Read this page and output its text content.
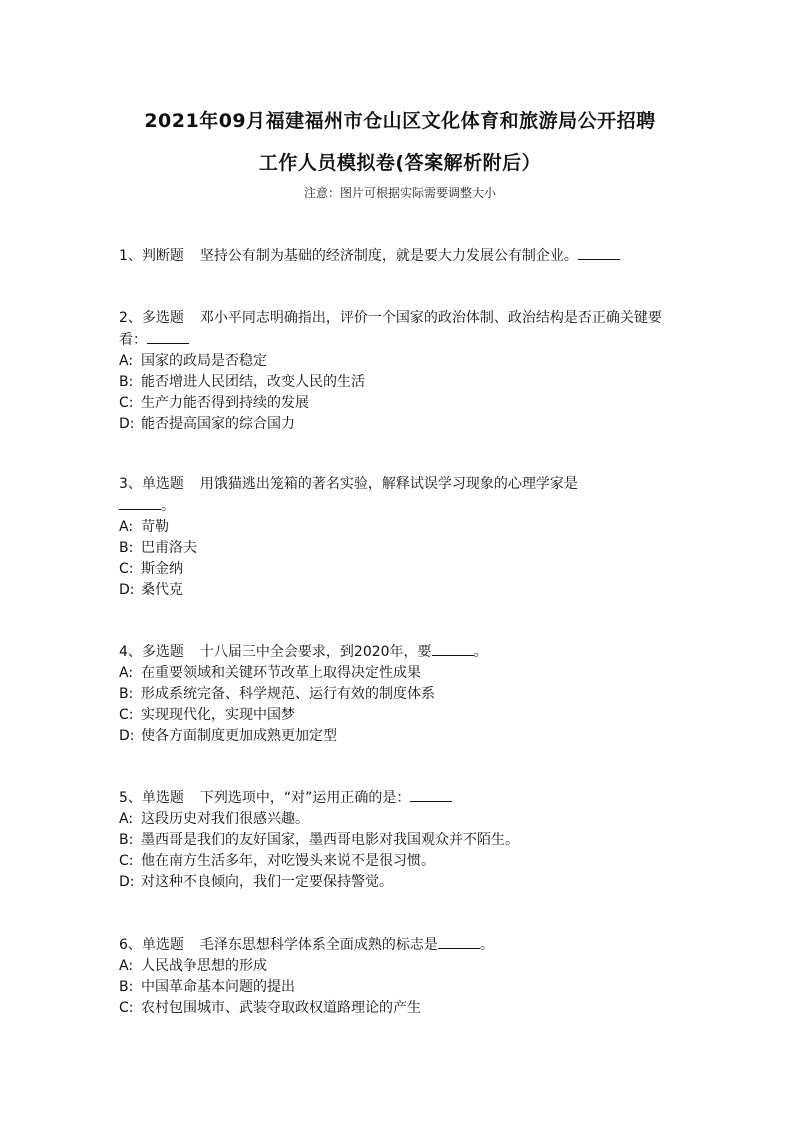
2021年09月福建福州市仓山区文化体育和旅游局公开招聘
工作人员模拟卷(答案解析附后）
注意：图片可根据实际需要调整大小

1、判断题 坚持公有制为基础的经济制度，就是要大力发展公有制企业。

2、多选题 邓小平同志明确指出，评价一个国家的政治体制、政治结构是否正确关键要看：

A: 国家的政局是否稳定

B: 能否增进人民团结，改变人民的生活

C: 生产力能否得到持续的发展

D: 能否提高国家的综合国力

3、单选题 用饿猫逃出笼箱的著名实验，解释试误学习现象的心理学家是
。

A: 苛勒

B: 巴甫洛夫

C: 斯金纳

D: 桑代克

4、多选题 十八届三中全会要求，到2020年，要	。

A: 在重要领域和关键环节改革上取得决定性成果

B: 形成系统完备、科学规范、运行有效的制度体系

C: 实现现代化，实现中国梦

D: 使各方面制度更加成熟更加定型

5、单选题 下列选项中，“对”运用正确的是：

A: 这段历史对我们很感兴趣。

B: 墨西哥是我们的友好国家，墨西哥电影对我国观众并不陌生。

C: 他在南方生活多年，对吃馒头来说不是很习惯。

D: 对这种不良倾向，我们一定要保持警觉。

6、单选题 毛泽东思想科学体系全面成熟的标志是	。

A: 人民战争思想的形成

B: 中国革命基本问题的提出

C: 农村包围城市、武装夺取政权道路理论的产生
